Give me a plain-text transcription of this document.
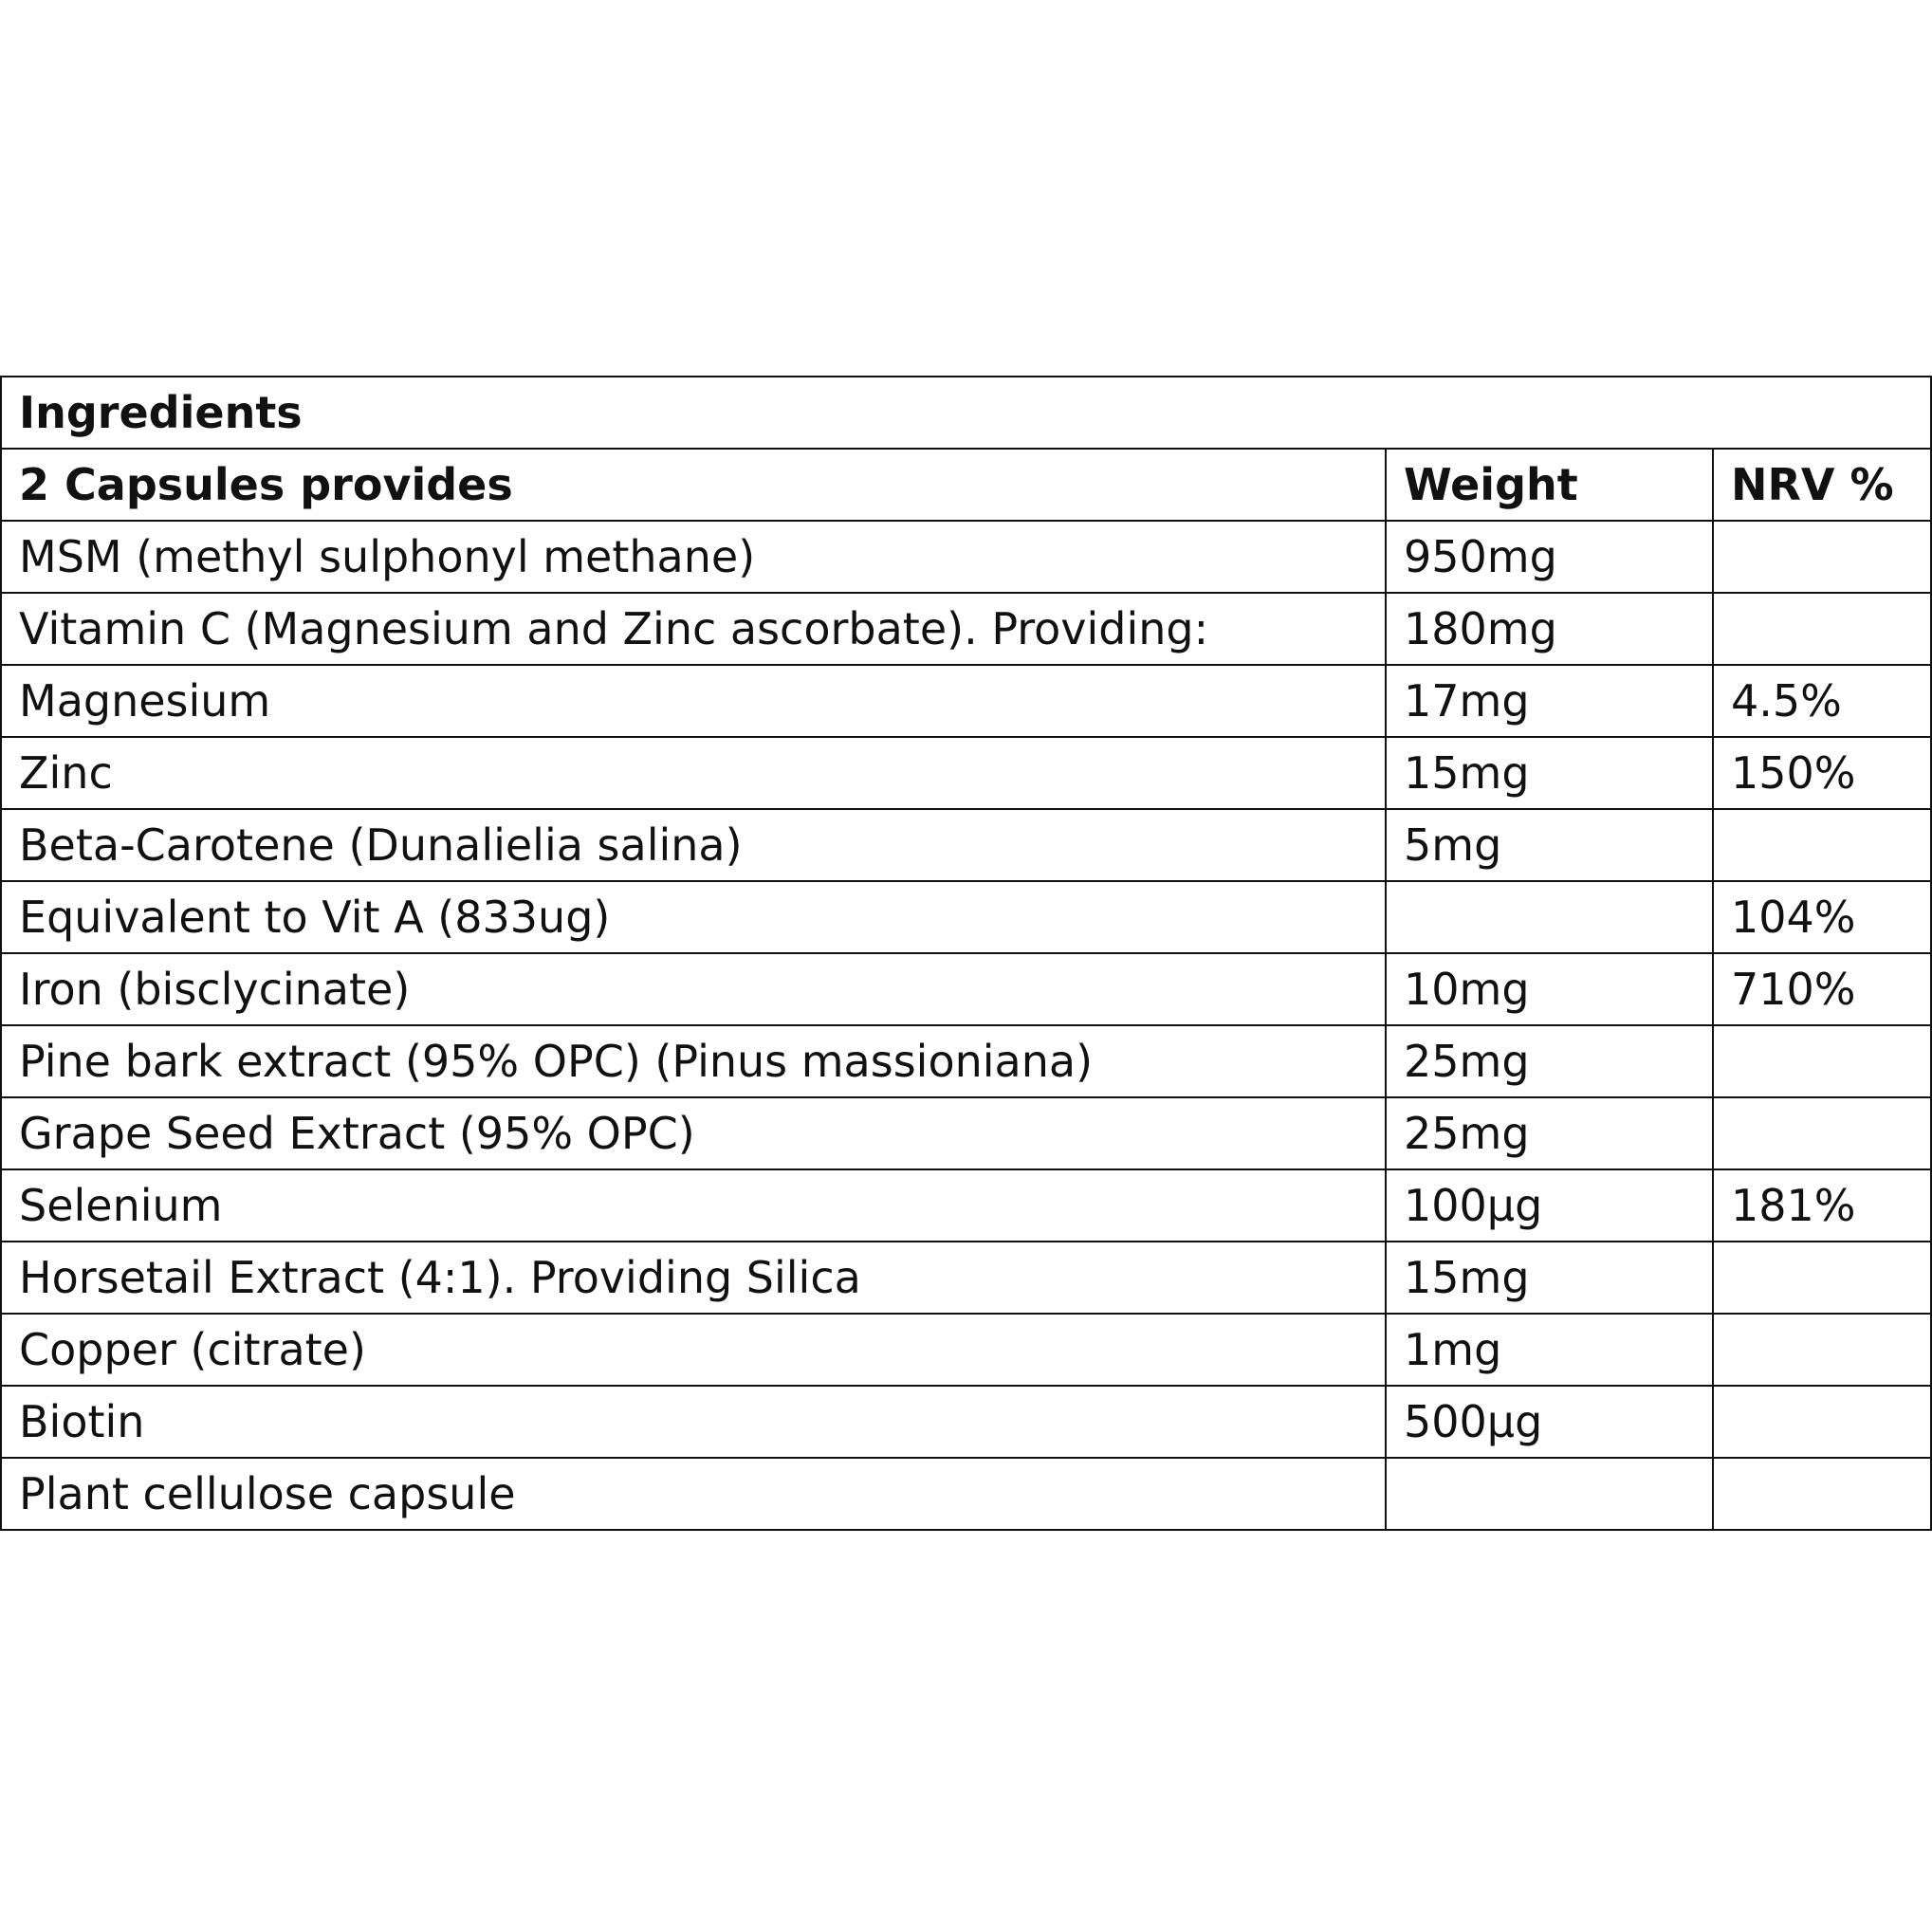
Ingredients		
2 Capsules provides	Weight	NRV %
MSM (methyl sulphonyl methane)	950mg	
Vitamin C (Magnesium and Zinc ascorbate). Providing:	180mg	
Magnesium	17mg	4.5%
Zinc	15mg	150%
Beta-Carotene (Dunalielia salina)	5mg	
Equivalent to Vit A (833ug)		104%
Iron (bisclycinate)	10mg	710%
Pine bark extract (95% OPC) (Pinus massioniana)	25mg	
Grape Seed Extract (95% OPC)	25mg	
Selenium	100µg	181%
Horsetail Extract (4:1). Providing Silica	15mg	
Copper (citrate)	1mg	
Biotin	500µg	
Plant cellulose capsule		
